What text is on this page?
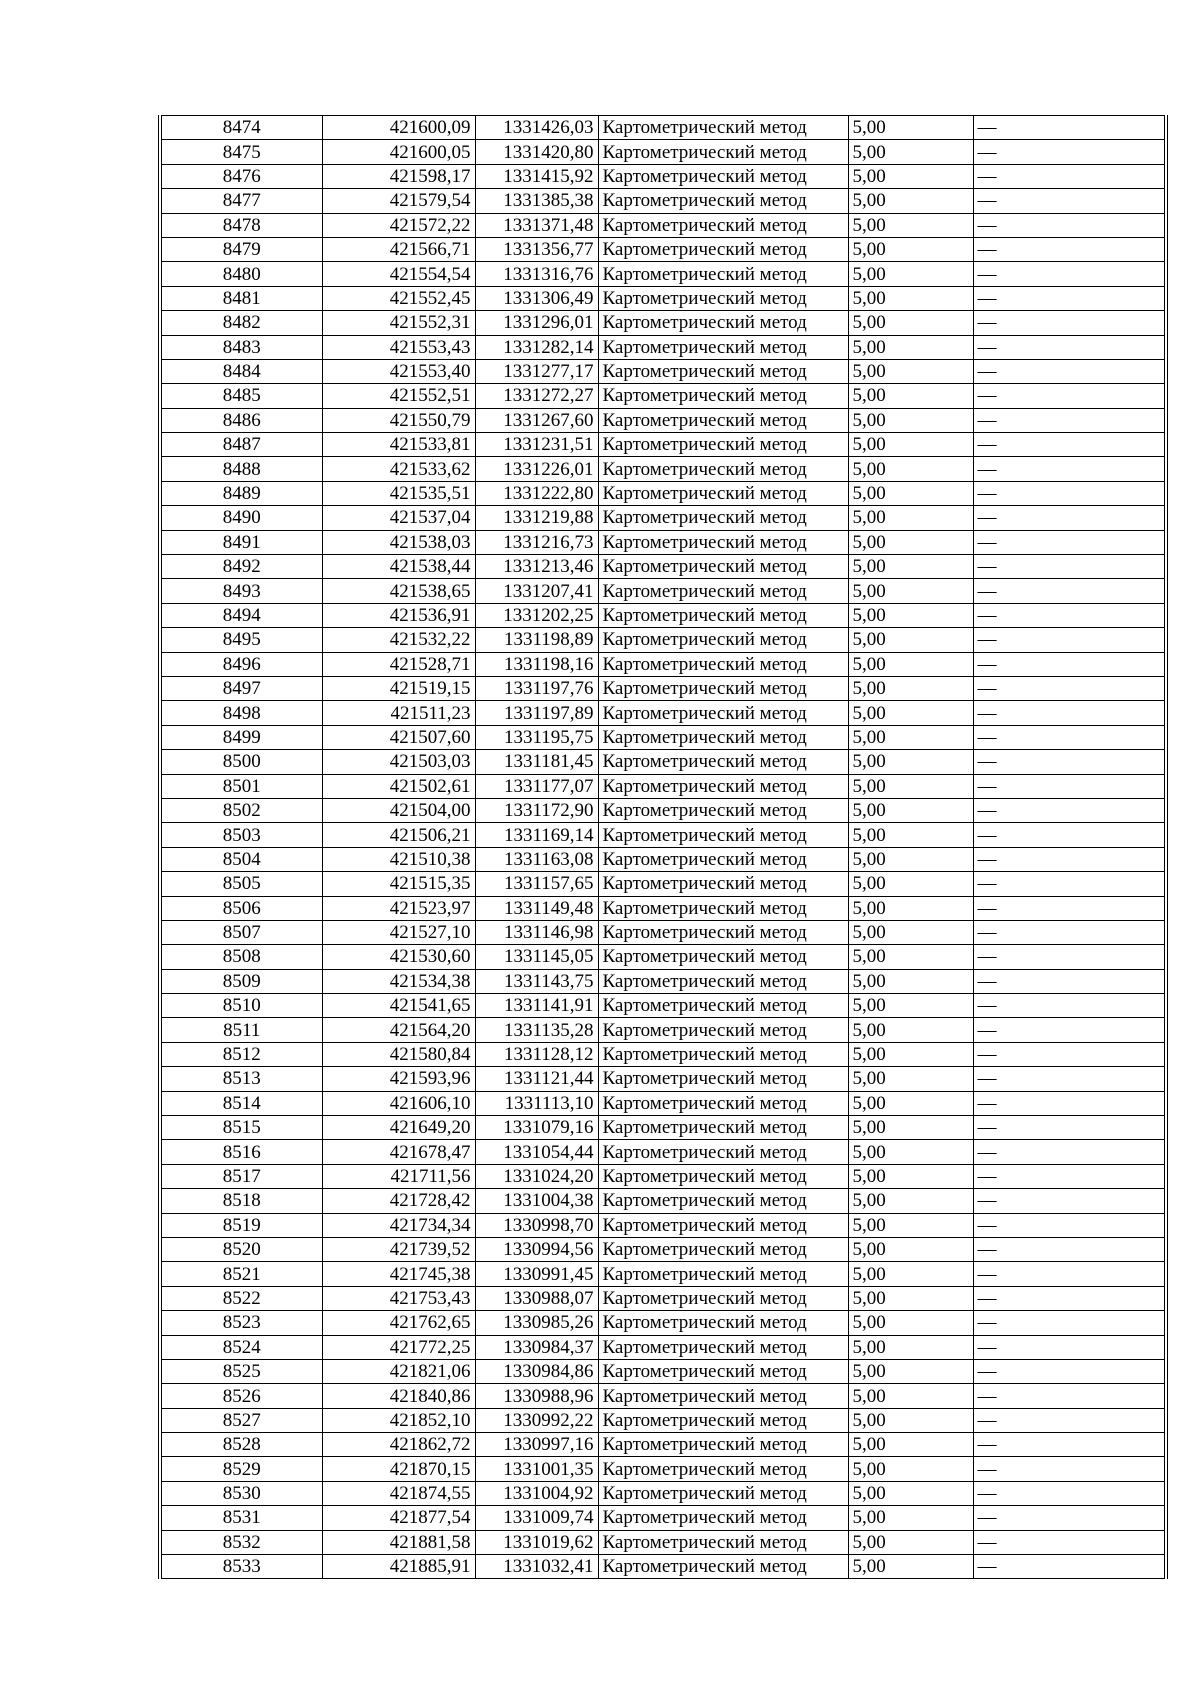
8474	421600,09	1331426,03	Картометрический метод	5,00	—
8475	421600,05	1331420,80	Картометрический метод	5,00	—
8476	421598,17	1331415,92	Картометрический метод	5,00	—
8477	421579,54	1331385,38	Картометрический метод	5,00	—
8478	421572,22	1331371,48	Картометрический метод	5,00	—
8479	421566,71	1331356,77	Картометрический метод	5,00	—
8480	421554,54	1331316,76	Картометрический метод	5,00	—
8481	421552,45	1331306,49	Картометрический метод	5,00	—
8482	421552,31	1331296,01	Картометрический метод	5,00	—
8483	421553,43	1331282,14	Картометрический метод	5,00	—
8484	421553,40	1331277,17	Картометрический метод	5,00	—
8485	421552,51	1331272,27	Картометрический метод	5,00	—
8486	421550,79	1331267,60	Картометрический метод	5,00	—
8487	421533,81	1331231,51	Картометрический метод	5,00	—
8488	421533,62	1331226,01	Картометрический метод	5,00	—
8489	421535,51	1331222,80	Картометрический метод	5,00	—
8490	421537,04	1331219,88	Картометрический метод	5,00	—
8491	421538,03	1331216,73	Картометрический метод	5,00	—
8492	421538,44	1331213,46	Картометрический метод	5,00	—
8493	421538,65	1331207,41	Картометрический метод	5,00	—
8494	421536,91	1331202,25	Картометрический метод	5,00	—
8495	421532,22	1331198,89	Картометрический метод	5,00	—
8496	421528,71	1331198,16	Картометрический метод	5,00	—
8497	421519,15	1331197,76	Картометрический метод	5,00	—
8498	421511,23	1331197,89	Картометрический метод	5,00	—
8499	421507,60	1331195,75	Картометрический метод	5,00	—
8500	421503,03	1331181,45	Картометрический метод	5,00	—
8501	421502,61	1331177,07	Картометрический метод	5,00	—
8502	421504,00	1331172,90	Картометрический метод	5,00	—
8503	421506,21	1331169,14	Картометрический метод	5,00	—
8504	421510,38	1331163,08	Картометрический метод	5,00	—
8505	421515,35	1331157,65	Картометрический метод	5,00	—
8506	421523,97	1331149,48	Картометрический метод	5,00	—
8507	421527,10	1331146,98	Картометрический метод	5,00	—
8508	421530,60	1331145,05	Картометрический метод	5,00	—
8509	421534,38	1331143,75	Картометрический метод	5,00	—
8510	421541,65	1331141,91	Картометрический метод	5,00	—
8511	421564,20	1331135,28	Картометрический метод	5,00	—
8512	421580,84	1331128,12	Картометрический метод	5,00	—
8513	421593,96	1331121,44	Картометрический метод	5,00	—
8514	421606,10	1331113,10	Картометрический метод	5,00	—
8515	421649,20	1331079,16	Картометрический метод	5,00	—
8516	421678,47	1331054,44	Картометрический метод	5,00	—
8517	421711,56	1331024,20	Картометрический метод	5,00	—
8518	421728,42	1331004,38	Картометрический метод	5,00	—
8519	421734,34	1330998,70	Картометрический метод	5,00	—
8520	421739,52	1330994,56	Картометрический метод	5,00	—
8521	421745,38	1330991,45	Картометрический метод	5,00	—
8522	421753,43	1330988,07	Картометрический метод	5,00	—
8523	421762,65	1330985,26	Картометрический метод	5,00	—
8524	421772,25	1330984,37	Картометрический метод	5,00	—
8525	421821,06	1330984,86	Картометрический метод	5,00	—
8526	421840,86	1330988,96	Картометрический метод	5,00	—
8527	421852,10	1330992,22	Картометрический метод	5,00	—
8528	421862,72	1330997,16	Картометрический метод	5,00	—
8529	421870,15	1331001,35	Картометрический метод	5,00	—
8530	421874,55	1331004,92	Картометрический метод	5,00	—
8531	421877,54	1331009,74	Картометрический метод	5,00	—
8532	421881,58	1331019,62	Картометрический метод	5,00	—
8533	421885,91	1331032,41	Картометрический метод	5,00	—
